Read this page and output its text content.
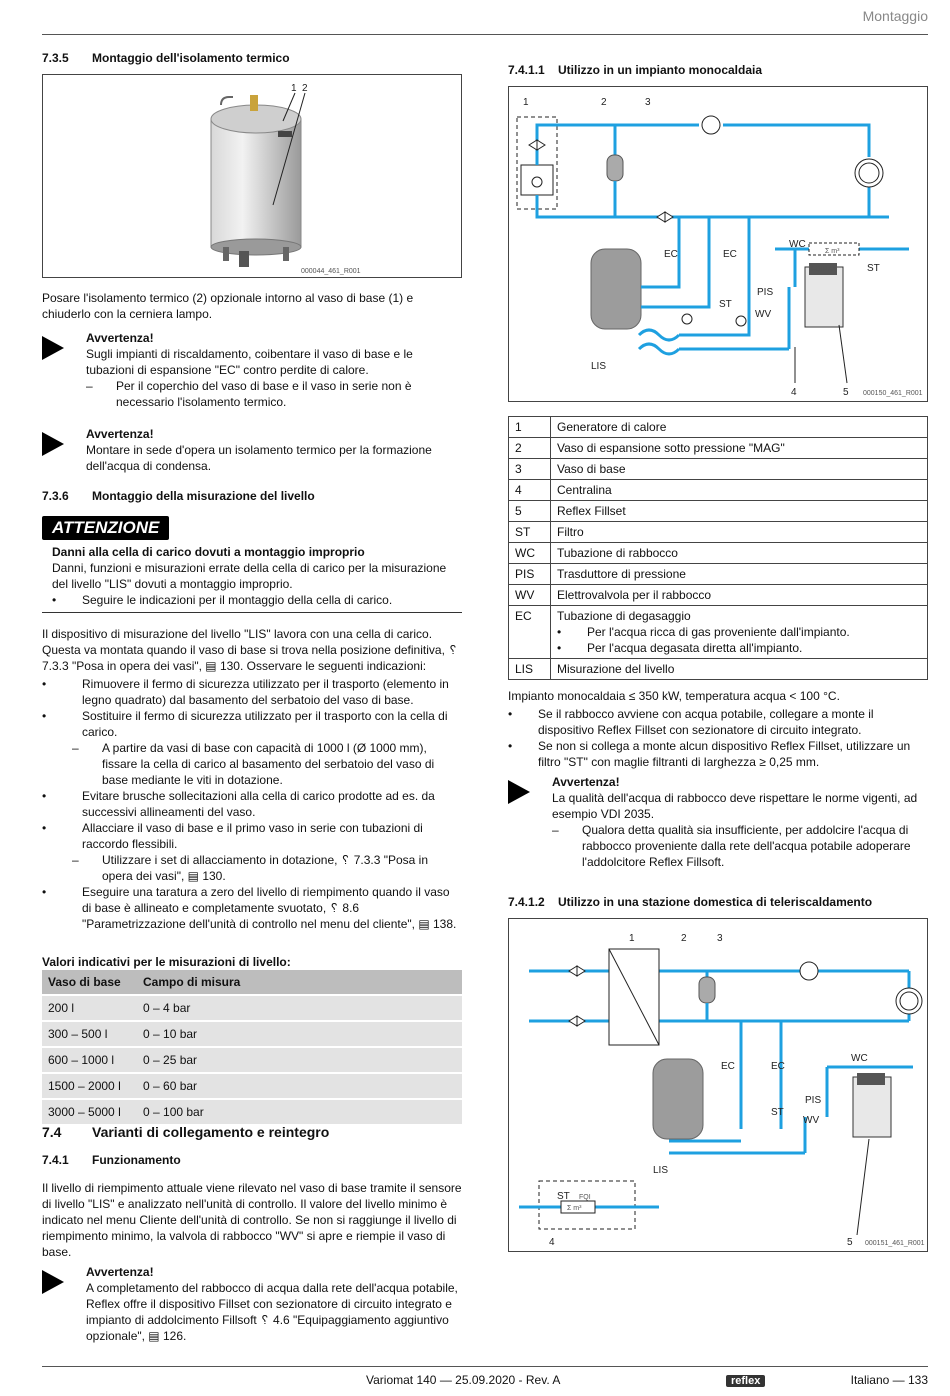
Montaggio
7.3.5 Montaggio dell'isolamento termico
1 2
000044_461_R001

Posare l'isolamento termico (2) opzionale intorno al vaso di base (1) e chiuderlo con la cerniera lampo.

Avvertenza!
Sugli impianti di riscaldamento, coibentare il vaso di base e le tubazioni di espansione "EC" contro perdite di calore.
– Per il coperchio del vaso di base e il vaso in serie non è necessario l'isolamento termico.
Avvertenza!
Montare in sede d'opera un isolamento termico per la formazione dell'acqua di condensa.
7.3.6 Montaggio della misurazione del livello
ATTENZIONE
Danni alla cella di carico dovuti a montaggio improprio
Danni, funzioni e misurazioni errate della cella di carico per la misurazione del livello "LIS" dovuti a montaggio improprio.
• Seguire le indicazioni per il montaggio della cella di carico.

Il dispositivo di misurazione del livello "LIS" lavora con una cella di carico. Questa va montata quando il vaso di base si trova nella posizione definitiva, ␦ 7.3.3 "Posa in opera dei vasi", ▤ 130. Osservare le seguenti indicazioni:

•	Rimuovere il fermo di sicurezza utilizzato per il trasporto (elemento in legno quadrato) dal basamento del serbatoio del vaso di base.
•	Sostituire il fermo di sicurezza utilizzato per il trasporto con la cella di carico.
– A partire da vasi di base con capacità di 1000 l (Ø 1000 mm), fissare la cella di carico al basamento del serbatoio del vaso di base mediante le viti in dotazione.
•	Evitare brusche sollecitazioni alla cella di carico prodotte ad es. da successivi allineamenti del vaso.
•	Allacciare il vaso di base e il primo vaso in serie con tubazioni di raccordo flessibili.
– Utilizzare i set di allacciamento in dotazione, ␦ 7.3.3 "Posa in opera dei vasi", ▤ 130.
•	Eseguire una taratura a zero del livello di riempimento quando il vaso di base è allineato e completamente svuotato, ␦ 8.6 "Parametrizzazione dell'unità di controllo nel menu del cliente", ▤ 138.
Valori indicativi per le misurazioni di livello:
Vaso di base	Campo di misura
200 l	0 – 4 bar
300 – 500 l	0 – 10 bar
600 – 1000 l	0 – 25 bar
1500 – 2000 l	0 – 60 bar
3000 – 5000 l	0 – 100 bar
7.4 Varianti di collegamento e reintegro
7.4.1 Funzionamento

Il livello di riempimento attuale viene rilevato nel vaso di base tramite il sensore di livello "LIS" e analizzato nell'unità di controllo. Il valore del livello minimo è indicato nel menu Cliente dell'unità di controllo. Se non si raggiunge il livello di riempimento minimo, la valvola di rabbocco "WV" si apre e riempie il vaso di base.

Avvertenza!
A completamento del rabbocco di acqua dalla rete dell'acqua potabile, Reflex offre il dispositivo Fillset con sezionatore di circuito integrato e impianto di addolcimento Fillsoft ␦ 4.6 "Equipaggiamento aggiuntivo opzionale", ▤ 126.
7.4.1.1 Utilizzo in un impianto monocaldaia
1	2	3
EC	EC
WC
PIS
ST
ST
WV
LIS
FQIRA⁺
Σ m³
4	5 000150_461_R001
1	Generatore di calore
2	Vaso di espansione sotto pressione "MAG"
3	Vaso di base
4	Centralina
5	Reflex Fillset
ST	Filtro
WC	Tubazione di rabbocco
PIS	Trasduttore di pressione
WV	Elettrovalvola per il rabbocco
EC	Tubazione di degasaggio
• Per l'acqua ricca di gas proveniente dall'impianto.
• Per l'acqua degasata diretta all'impianto.

LIS	Misurazione del livello

Impianto monocaldaia ≤ 350 kW, temperatura acqua < 100 °C.

• Se il rabbocco avviene con acqua potabile, collegare a monte il dispositivo Reflex Fillset con sezionatore di circuito integrato.
• Se non si collega a monte alcun dispositivo Reflex Fillset, utilizzare un filtro "ST" con maglie filtranti di larghezza ≥ 0,25 mm.
Avvertenza!
La qualità dell'acqua di rabbocco deve rispettare le norme vigenti, ad esempio VDI 2035.
– Qualora detta qualità sia insufficiente, per addolcire l'acqua di rabbocco proveniente dalla rete dell'acqua potabile adoperare l'addolcitore Reflex Fillsoft.
7.4.1.2 Utilizzo in una stazione domestica di teleriscaldamento
1	2	3
EC	EC
WC
PIS
ST
ST
WV
LIS
FQI
Σ m³
4	5 000151_461_R001
Variomat 140 — 25.09.2020 - Rev. A	reflex	Italiano — 133
